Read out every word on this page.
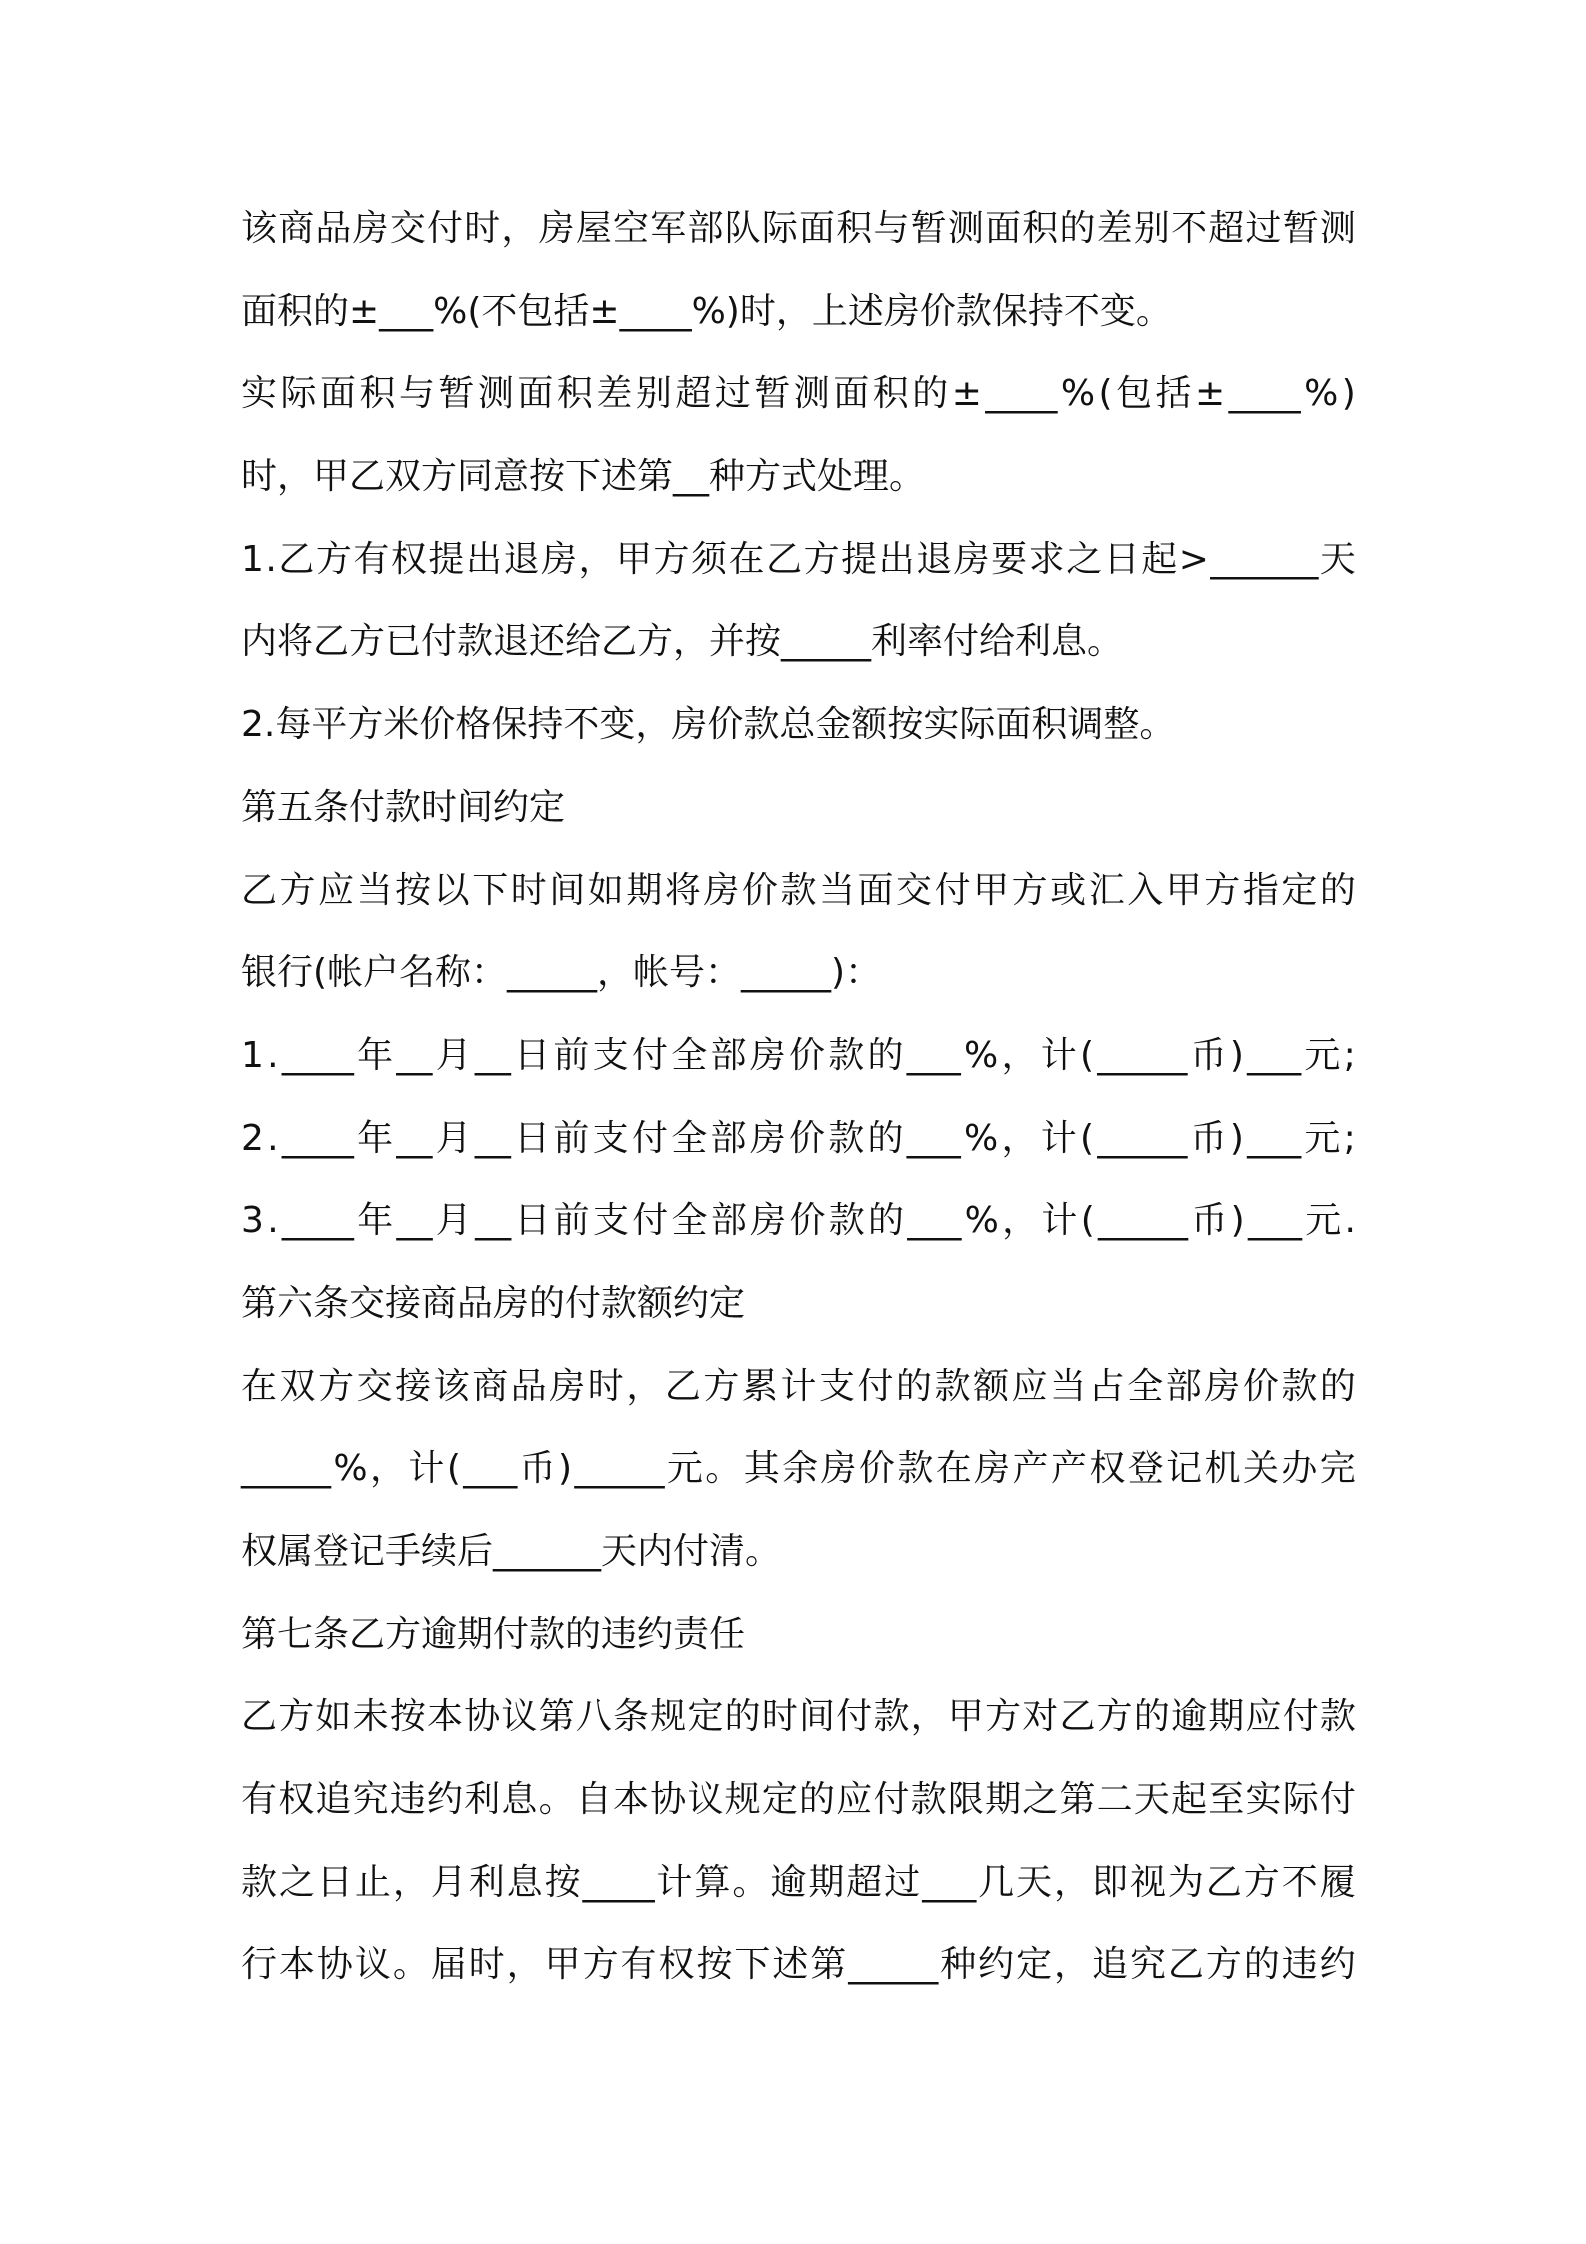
该 商 品 房 交 付 时 ， 房 屋 空 军 部 队 际 面 积 与 暂 测 面 积 的 差 别 不 超 过 暂 测
面积的±___%(不包括±____%)时，上述房价款保持不变。
实 际 面 积 与 暂 测 面 积 差 别 超 过 暂 测 面 积 的 ± ____ % ( 包 括 ± ____ % )
时，甲乙双方同意按下述第__种方式处理。
1 . 乙 方 有 权 提 出 退 房 ， 甲 方 须 在 乙 方 提 出 退 房 要 求 之 日 起 > ______ 天
内将乙方已付款退还给乙方，并按_____利率付给利息。
2.每平方米价格保持不变，房价款总金额按实际面积调整。
第五条付款时间约定
乙 方 应 当 按 以 下 时 间 如 期 将 房 价 款 当 面 交 付 甲 方 或 汇 入 甲 方 指 定 的
银行(帐户名称：_____，帐号：_____)：
1 . ____ 年 __ 月 __ 日 前 支 付 全 部 房 价 款 的 ___ % ， 计 ( _____ 币 ) ___ 元 ;
2 . ____ 年 __ 月 __ 日 前 支 付 全 部 房 价 款 的 ___ % ， 计 ( _____ 币 ) ___ 元 ;
3 . ____ 年 __ 月 __ 日 前 支 付 全 部 房 价 款 的 ___ % ， 计 ( _____ 币 ) ___ 元 .
第六条交接商品房的付款额约定
在 双 方 交 接 该 商 品 房 时 ， 乙 方 累 计 支 付 的 款 额 应 当 占 全 部 房 价 款 的
_____ % ， 计 ( ___ 币 ) _____ 元 。 其 余 房 价 款 在 房 产 产 权 登 记 机 关 办 完
权属登记手续后______天内付清。
第七条乙方逾期付款的违约责任
乙 方 如 未 按 本 协 议 第 八 条 规 定 的 时 间 付 款 ， 甲 方 对 乙 方 的 逾 期 应 付 款
有 权 追 究 违 约 利 息 。 自 本 协 议 规 定 的 应 付 款 限 期 之 第 二 天 起 至 实 际 付
款 之 日 止 ， 月 利 息 按 ____ 计 算 。 逾 期 超 过 ___ 几 天 ， 即 视 为 乙 方 不 履
行 本 协 议 。 届 时 ， 甲 方 有 权 按 下 述 第 _____ 种 约 定 ， 追 究 乙 方 的 违 约
